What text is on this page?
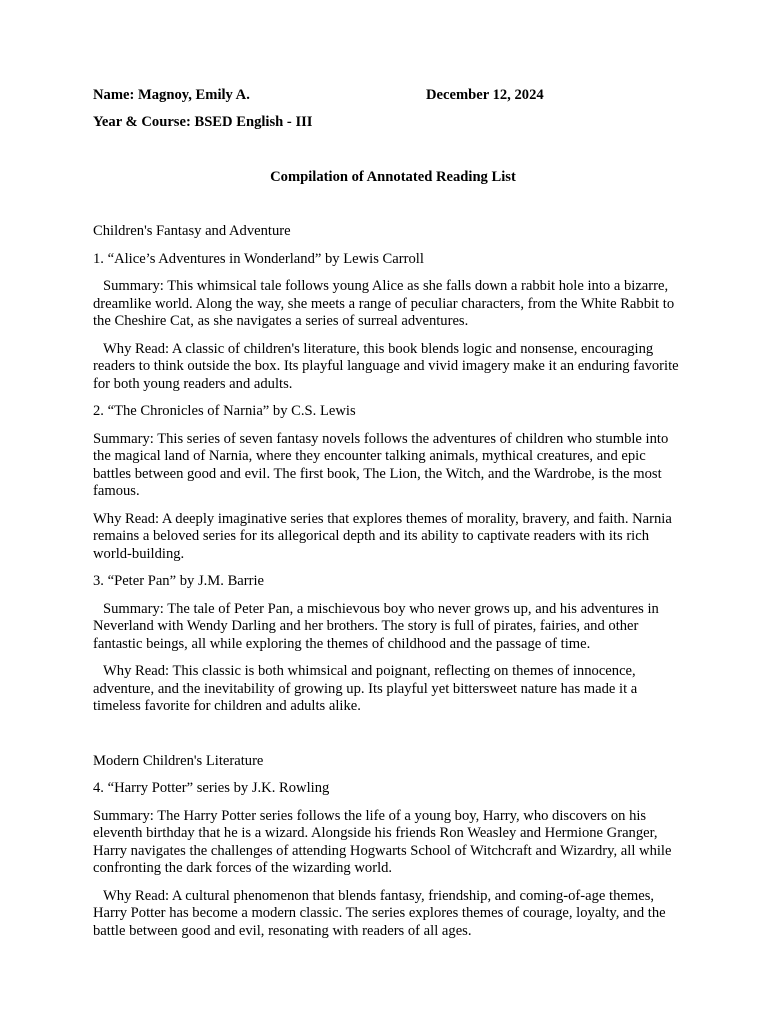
Name: Magnoy, Emily A.	December 12, 2024
Year & Course: BSED English - III
Compilation of Annotated Reading List
Children's Fantasy and Adventure
1. “Alice’s Adventures in Wonderland” by Lewis Carroll

Summary: This whimsical tale follows young Alice as she falls down a rabbit hole into a bizarre, dreamlike world. Along the way, she meets a range of peculiar characters, from the White Rabbit to the Cheshire Cat, as she navigates a series of surreal adventures.

Why Read: A classic of children's literature, this book blends logic and nonsense, encouraging readers to think outside the box. Its playful language and vivid imagery make it an enduring favorite for both young readers and adults.

2. “The Chronicles of Narnia” by C.S. Lewis

Summary: This series of seven fantasy novels follows the adventures of children who stumble into the magical land of Narnia, where they encounter talking animals, mythical creatures, and epic battles between good and evil. The first book, The Lion, the Witch, and the Wardrobe, is the most famous.

Why Read: A deeply imaginative series that explores themes of morality, bravery, and faith. Narnia remains a beloved series for its allegorical depth and its ability to captivate readers with its rich world-building.

3. “Peter Pan” by J.M. Barrie

Summary: The tale of Peter Pan, a mischievous boy who never grows up, and his adventures in Neverland with Wendy Darling and her brothers. The story is full of pirates, fairies, and other fantastic beings, all while exploring the themes of childhood and the passage of time.

Why Read: This classic is both whimsical and poignant, reflecting on themes of innocence, adventure, and the inevitability of growing up. Its playful yet bittersweet nature has made it a timeless favorite for children and adults alike.

Modern Children's Literature
4. “Harry Potter” series by J.K. Rowling

Summary: The Harry Potter series follows the life of a young boy, Harry, who discovers on his eleventh birthday that he is a wizard. Alongside his friends Ron Weasley and Hermione Granger, Harry navigates the challenges of attending Hogwarts School of Witchcraft and Wizardry, all while confronting the dark forces of the wizarding world.

Why Read: A cultural phenomenon that blends fantasy, friendship, and coming-of-age themes, Harry Potter has become a modern classic. The series explores themes of courage, loyalty, and the battle between good and evil, resonating with readers of all ages.
